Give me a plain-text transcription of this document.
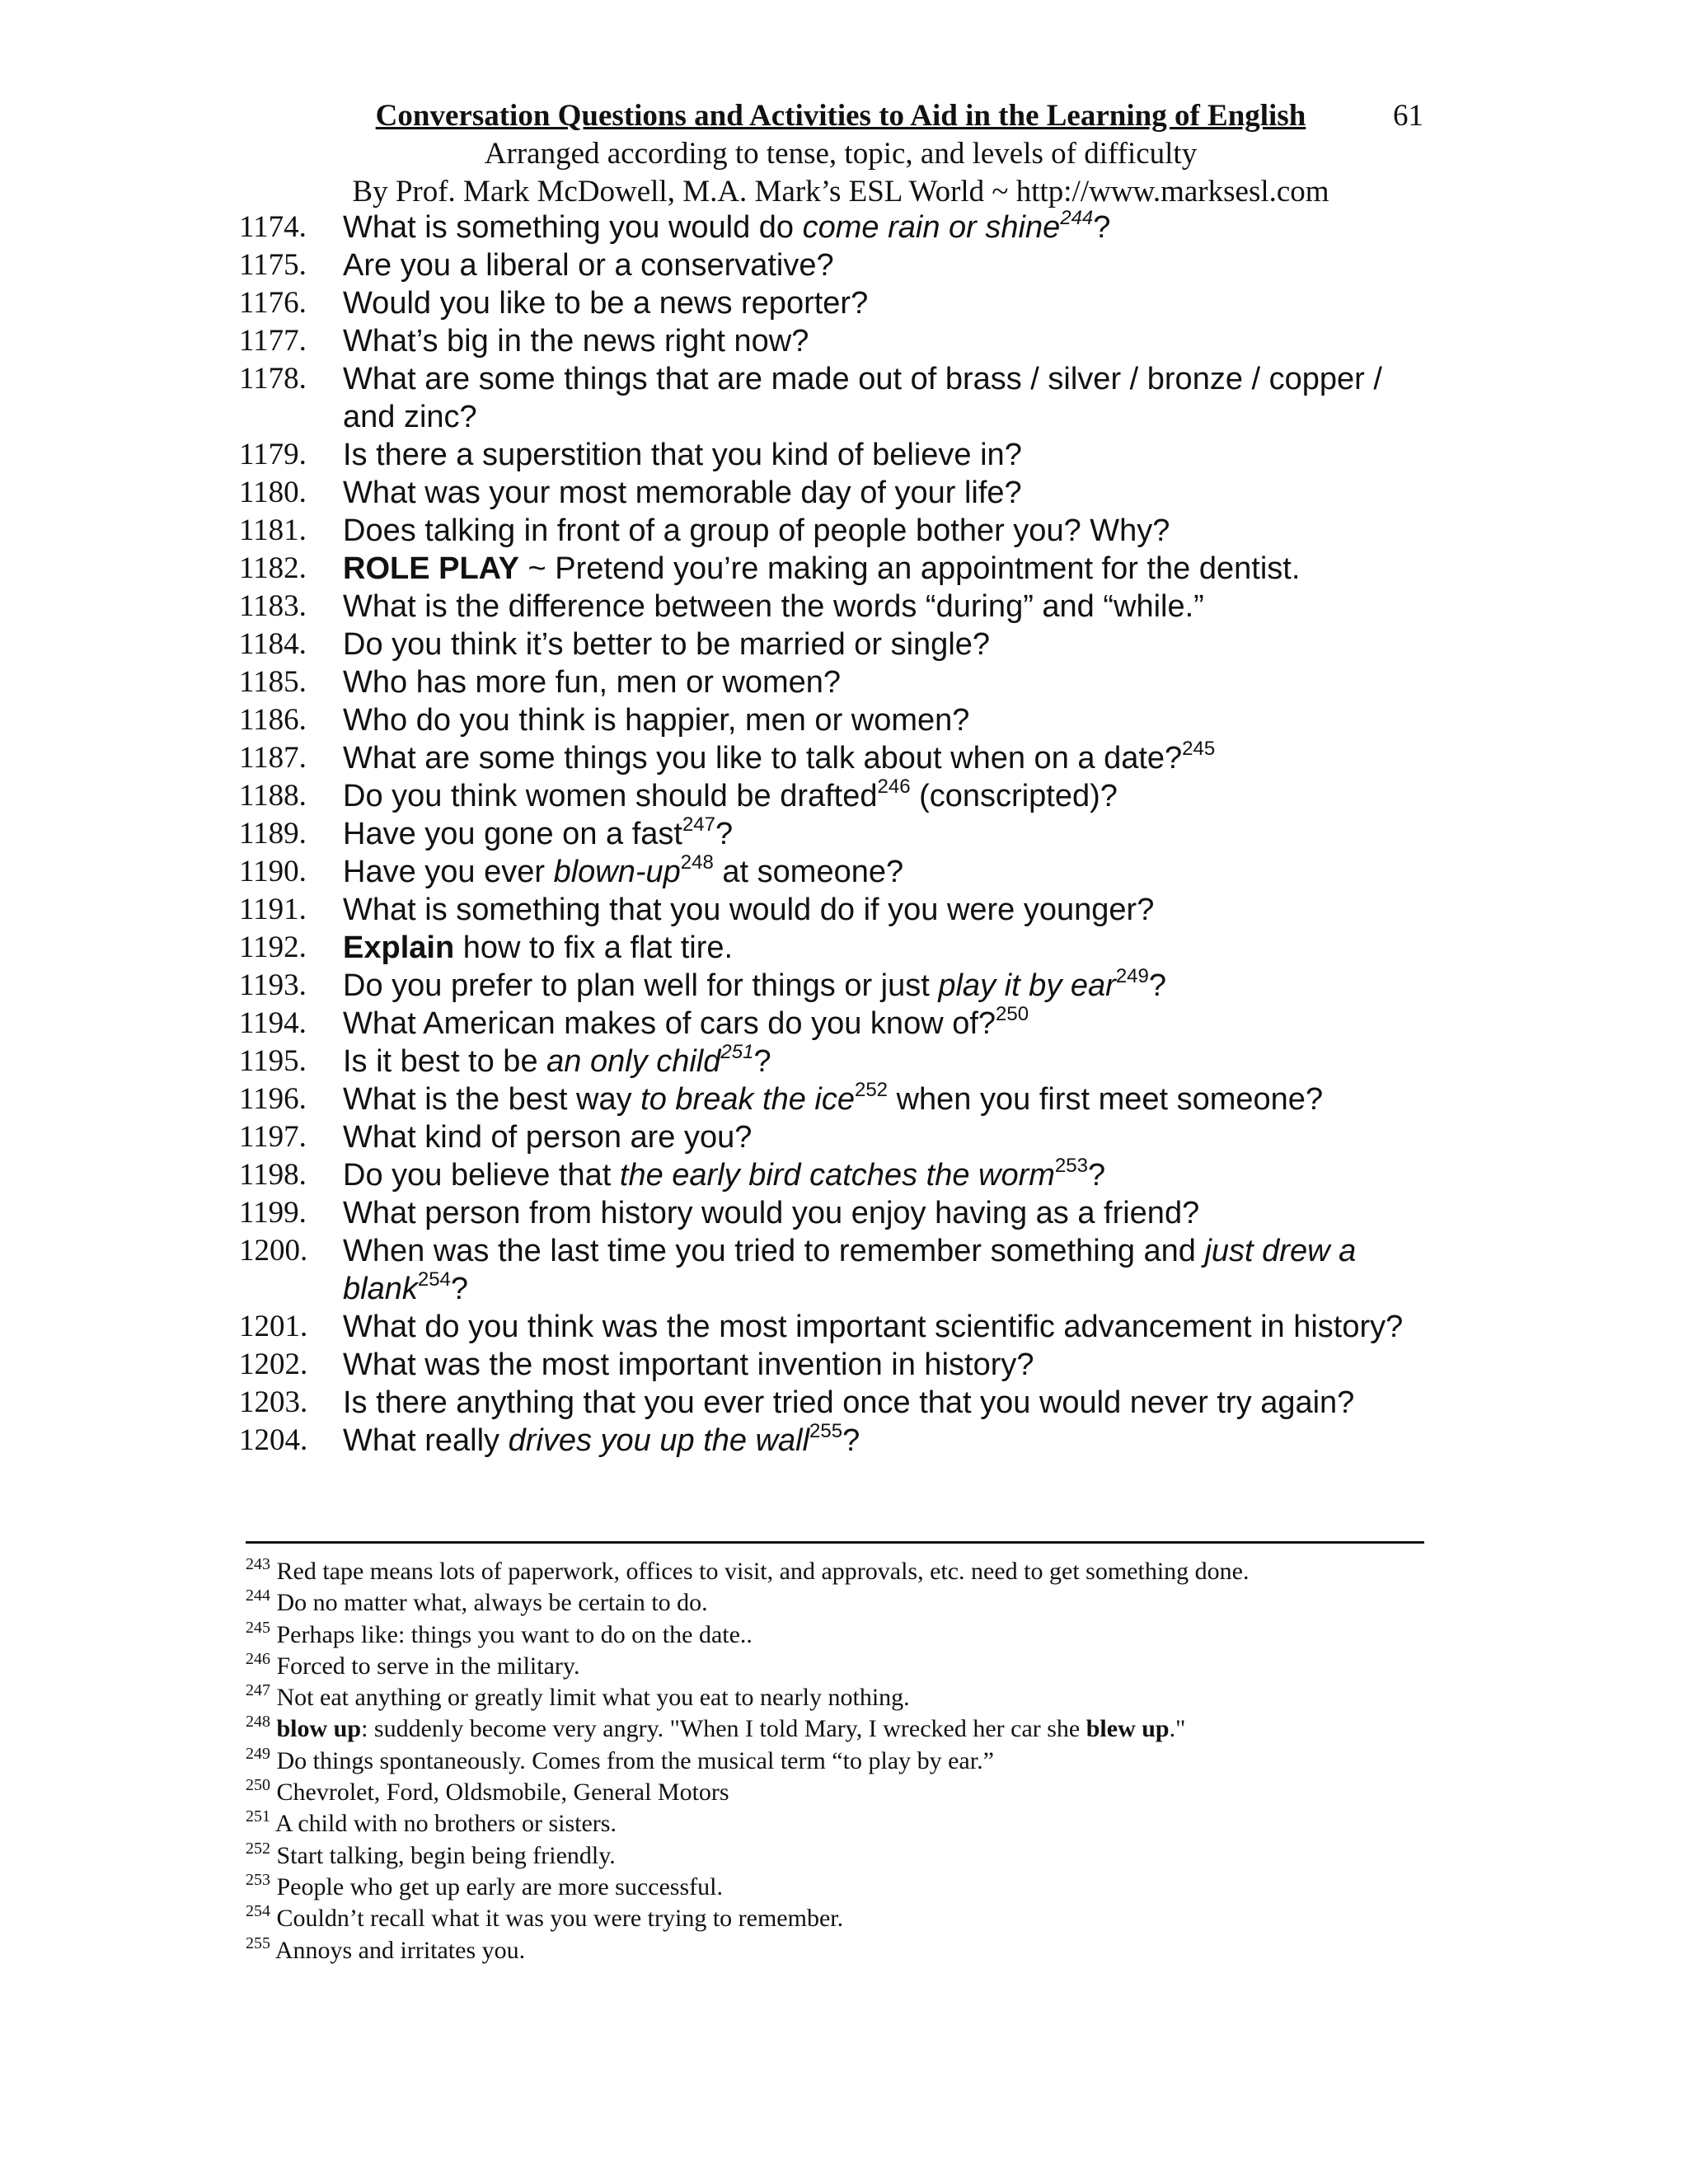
Conversation Questions and Activities to Aid in the Learning of English	61
Arranged according to tense, topic, and levels of difficulty
By Prof. Mark McDowell, M.A. Mark’s ESL World ~ http://www.marksesl.com
1174.	What is something you would do come rain or shine$^{244}$?
1175.	Are you a liberal or a conservative?
1176.	Would you like to be a news reporter?
1177.	What’s big in the news right now?
1178.	What are some things that are made out of brass / silver / bronze / copper / and zinc?
1179.	Is there a superstition that you kind of believe in?
1180.	What was your most memorable day of your life?
1181.	Does talking in front of a group of people bother you? Why?
1182.	ROLE PLAY ~ Pretend you’re making an appointment for the dentist.
1183.	What is the difference between the words “during” and “while.”
1184.	Do you think it’s better to be married or single?
1185.	Who has more fun, men or women?
1186.	Who do you think is happier, men or women?
1187.	What are some things you like to talk about when on a date?$^{245}$
1188.	Do you think women should be drafted$^{246}$ (conscripted)?
1189.	Have you gone on a fast$^{247}$?
1190.	Have you ever blown-$up^{248}$ at someone?
1191.	What is something that you would do if you were younger?
1192.	Explain how to fix a flat tire.
1193.	Do you prefer to plan well for things or just play it by ear$^{249}$?
1194.	What American makes of cars do you know of?$^{250}$
1195.	Is it best to be an only child$^{251}$?
1196.	What is the best way to break the ice$^{252}$ when you first meet someone?
1197.	What kind of person are you?
1198.	Do you believe that the early bird catches the worm$^{253}$?
1199.	What person from history would you enjoy having as a friend?
1200.	When was the last time you tried to remember something and just drew a blank$^{254}$?
1201.	What do you think was the most important scientific advancement in history?
1202.	What was the most important invention in history?
1203.	Is there anything that you ever tried once that you would never try again?
1204.	What really drives you up the wall$^{255}$?
$^{243}$ Red tape means lots of paperwork, offices to visit, and approvals, etc. need to get something done.
$^{244}$ Do no matter what, always be certain to do.
$^{245}$ Perhaps like: things you want to do on the date..
$^{246}$ Forced to serve in the military.
$^{247}$ Not eat anything or greatly limit what you eat to nearly nothing.
$^{248}$ blow up: suddenly become very angry. "When I told Mary, I wrecked her car she blew up."
$^{249}$ Do things spontaneously. Comes from the musical term “to play by ear.”
$^{250}$ Chevrolet, Ford, Oldsmobile, General Motors
$^{251}$ A child with no brothers or sisters.
$^{252}$ Start talking, begin being friendly.
$^{253}$ People who get up early are more successful.
$^{254}$ Couldn’t recall what it was you were trying to remember.
$^{255}$ Annoys and irritates you.
